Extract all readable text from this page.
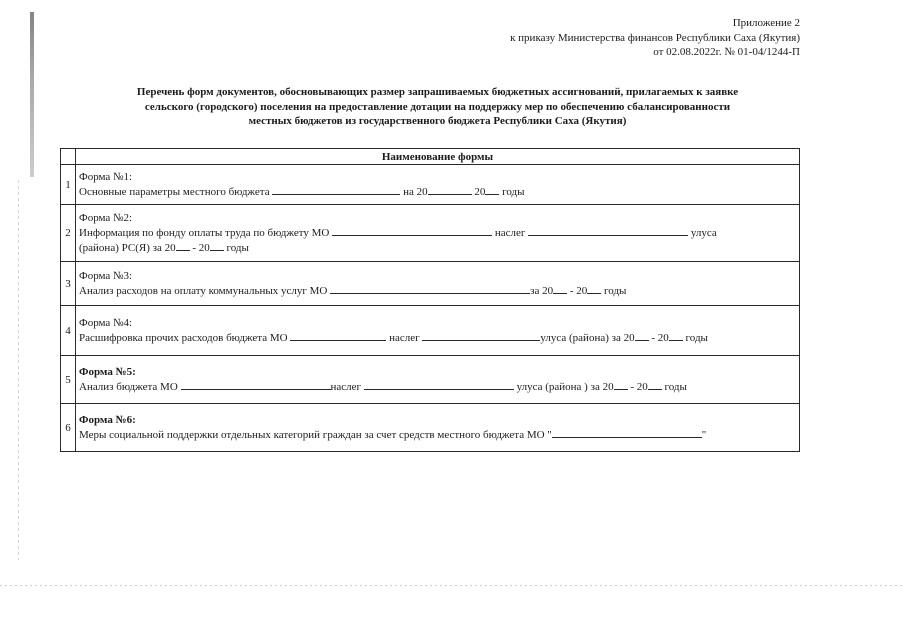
Приложение 2
к приказу Министерства финансов Республики Саха (Якутия)
от 02.08.2022г. № 01-04/1244-П
Перечень форм документов, обосновывающих размер запрашиваемых бюджетных ассигнований, прилагаемых к заявке
сельского (городского) поселения на предоставление дотации на поддержку мер по обеспечению сбалансированности
местных бюджетов из государственного бюджета Республики Саха (Якутия)
	Наименование формы
1	Форма №1:
Основные параметры местного бюджета на 20 20 годы

2	Форма №2:
Информация по фонду оплаты труда по бюджету МО наслег улуса
(района) РС(Я) за 20 - 20 годы

3	Форма №3:
Анализ расходов на оплату коммунальных услуг МО за 20 - 20 годы

4	Форма №4:
Расшифровка прочих расходов бюджета МО наслег улуса (района) за 20 - 20 годы

5	Форма №5:
Анализ бюджета МО наслег улуса (района ) за 20 - 20 годы

6	Форма №6:
Меры социальной поддержки отдельных категорий граждан за счет средств местного бюджета МО " "
